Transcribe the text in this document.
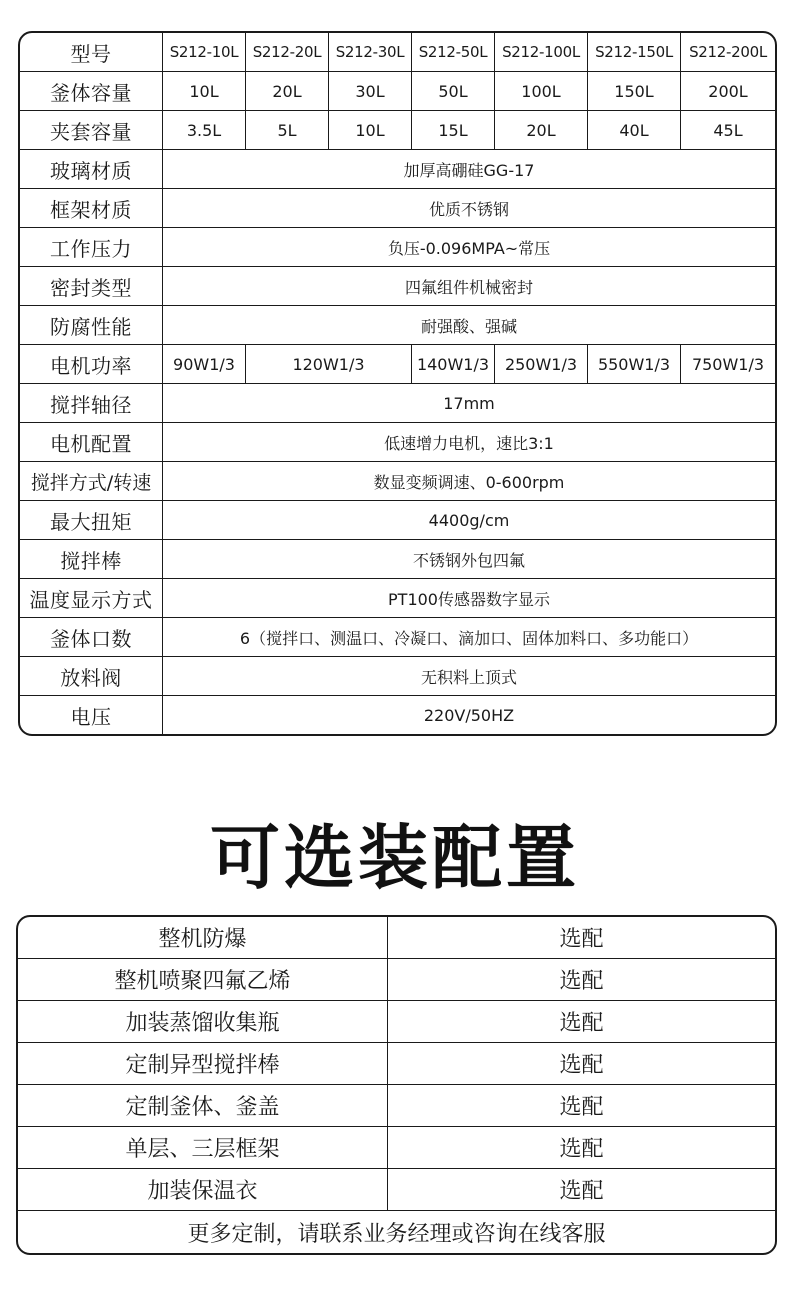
型号	S212-10L	S212-20L	S212-30L	S212-50L	S212-100L	S212-150L	S212-200L
釜体容量	10L	20L	30L	50L	100L	150L	200L
夹套容量	3.5L	5L	10L	15L	20L	40L	45L
玻璃材质	加厚高硼硅GG-17						
框架材质	优质不锈钢						
工作压力	负压-0.096MPA~常压						
密封类型	四氟组件机械密封						
防腐性能	耐强酸、强碱						
电机功率	90W1/3	120W1/3		140W1/3	250W1/3	550W1/3	750W1/3
搅拌轴径	17mm						
电机配置	低速增力电机，速比3:1						
搅拌方式/转速	数显变频调速、0-600rpm						
最大扭矩	4400g/cm						
搅拌棒	不锈钢外包四氟						
温度显示方式	PT100传感器数字显示						
釜体口数	6（搅拌口、测温口、冷凝口、滴加口、固体加料口、多功能口）						
放料阀	无积料上顶式						
电压	220V/50HZ						
可选装配置
整机防爆	选配
整机喷聚四氟乙烯	选配
加装蒸馏收集瓶	选配
定制异型搅拌棒	选配
定制釜体、釜盖	选配
单层、三层框架	选配
加装保温衣	选配
更多定制，请联系业务经理或咨询在线客服	
